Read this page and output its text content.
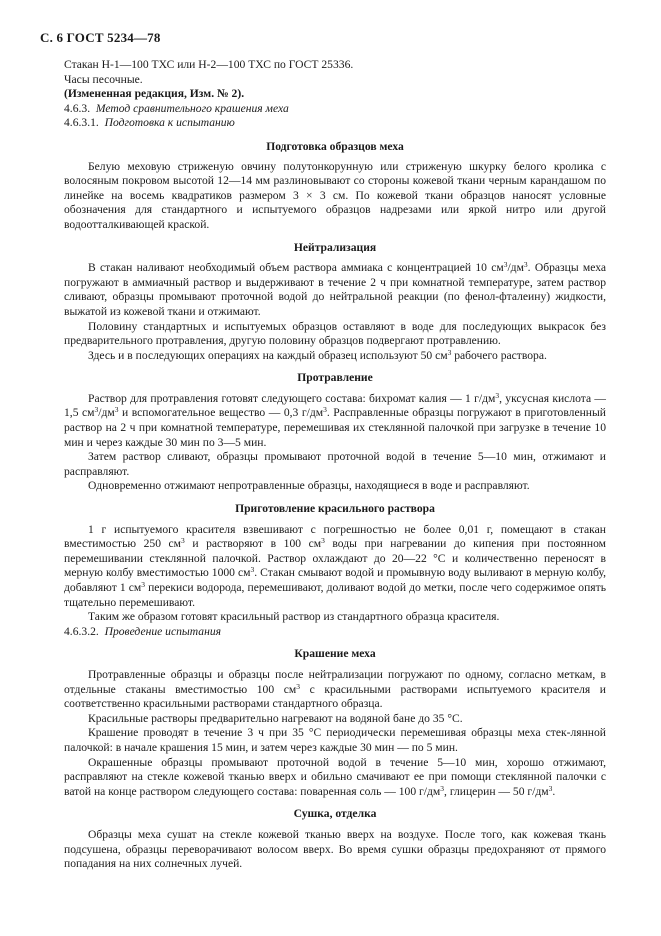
С. 6 ГОСТ 5234—78

Стакан Н-1—100 ТХС или Н-2—100 ТХС по ГОСТ 25336.

Часы песочные.

(Измененная редакция, Изм. № 2).

4.6.3. Метод сравнительного крашения меха

4.6.3.1. Подготовка к испытанию

Подготовка образцов меха

Белую меховую стриженую овчину полутонкорунную или стриженую шкурку белого кролика с волосяным покровом высотой 12—14 мм разлиновывают со стороны кожевой ткани черным карандашом по линейке на восемь квадратиков размером 3 × 3 см. По кожевой ткани образцов наносят условные обозначения для стандартного и испытуемого образцов надрезами или яркой нитро или другой водоотталкивающей краской.

Нейтрализация

В стакан наливают необходимый объем раствора аммиака с концентрацией 10 $см^3/дм^3$. Образцы меха погружают в аммиачный раствор и выдерживают в течение 2 ч при комнатной температуре, затем раствор сливают, образцы промывают проточной водой до нейтральной реакции (по фенол-фталеину) жидкости, выжатой из кожевой ткани и отжимают.

Половину стандартных и испытуемых образцов оставляют в воде для последующих выкрасок без предварительного протравления, другую половину образцов подвергают протравлению.

Здесь и в последующих операциях на каждый образец используют 50 $см^3$ рабочего раствора.

Протравление

Раствор для протравления готовят следующего состава: бихромат калия — 1 $г/дм^3$, уксусная кислота — 1,5 $см^3/дм^3$ и вспомогательное вещество — 0,3 $г/дм^3$. Расправленные образцы погружают в приготовленный раствор на 2 ч при комнатной температуре, перемешивая их стеклянной палочкой при загрузке в течение 10 мин и через каждые 30 мин по 3—5 мин.

Затем раствор сливают, образцы промывают проточной водой в течение 5—10 мин, отжимают и расправляют.

Одновременно отжимают непротравленные образцы, находящиеся в воде и расправляют.

Приготовление красильного раствора

1 г испытуемого красителя взвешивают с погрешностью не более 0,01 г, помещают в стакан вместимостью 250 $см^3$ и растворяют в 100 $см^3$ воды при нагревании до кипения при постоянном перемешивании стеклянной палочкой. Раствор охлаждают до 20—22 °С и количественно переносят в мерную колбу вместимостью 1000 $см^3$. Стакан смывают водой и промывную воду выливают в мерную колбу, добавляют 1 $см^3$ перекиси водорода, перемешивают, доливают водой до метки, после чего содержимое опять тщательно перемешивают.

Таким же образом готовят красильный раствор из стандартного образца красителя.

4.6.3.2. Проведение испытания

Крашение меха

Протравленные образцы и образцы после нейтрализации погружают по одному, согласно меткам, в отдельные стаканы вместимостью 100 $см^3$ с красильными растворами испытуемого красителя и соответственно красильными растворами стандартного образца.

Красильные растворы предварительно нагревают на водяной бане до 35 °С.

Крашение проводят в течение 3 ч при 35 °С периодически перемешивая образцы меха стек-лянной палочкой: в начале крашения 15 мин, и затем через каждые 30 мин — по 5 мин.

Окрашенные образцы промывают проточной водой в течение 5—10 мин, хорошо отжимают, расправляют на стекле кожевой тканью вверх и обильно смачивают ее при помощи стеклянной палочки с ватой на конце раствором следующего состава: поваренная соль — 100 $г/дм^3$, глицерин — 50 $г/дм^3$.

Сушка, отделка

Образцы меха сушат на стекле кожевой тканью вверх на воздухе. После того, как кожевая ткань подсушена, образцы переворачивают волосом вверх. Во время сушки образцы предохраняют от прямого попадания на них солнечных лучей.
